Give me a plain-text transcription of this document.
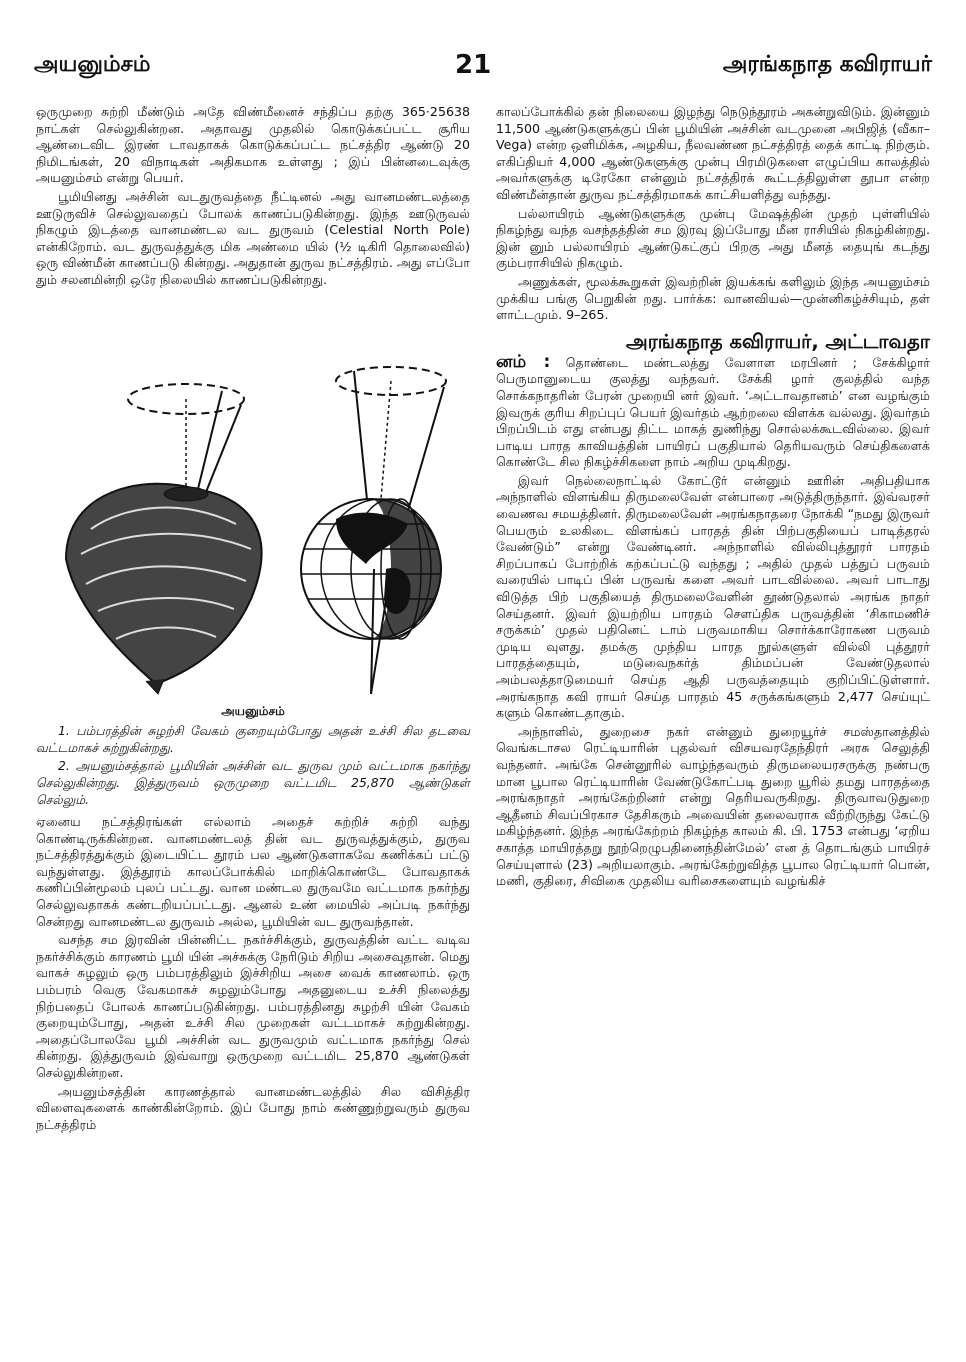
அயனும்சம்	21	அரங்கநாத கவிராயர்

ஒருமுறை சுற்றி மீண்டும் அதே விண்மீனைச் சந்திப்ப தற்கு 365·25638 நாட்கள் செல்லுகின்றன. அதாவது முதலில் கொடுக்கப்பட்ட சூரிய ஆண்டைவிட இரண் டாவதாகக் கொடுக்கப்பட்ட நட்சத்திர ஆண்டு 20 நிமிடங்கள், 20 விநாடிகள் அதிகமாக உள்ளது ; இப் பின்னடைவுக்கு அயனும்சம் என்று பெயர்.

பூமியினது அச்சின் வடதுருவத்தை நீட்டினல் அது வானமண்டலத்தை ஊடுருவிச் செல்லுவதைப் போலக் காணப்படுகின்றது. இந்த ஊடுருவல் நிகழும் இடத்தை வானமண்டல வட துருவம் (Celestial North Pole) என்கிறோம். வட துருவத்துக்கு மிக அண்மை யில் (½ டிகிரி தொலைவில்) ஒரு விண்மீன் காணப்படு கின்றது. அதுதான் துருவ நட்சத்திரம். அது எப்போ தும் சலனமின்றி ஒரே நிலையில் காணப்படுகின்றது.

அயனும்சம்

1. பம்பரத்தின் சுழற்சி வேகம் குறையும்போது அதன் உச்சி சில தடவை வட்டமாகச் சுற்றுகின்றது.

2. அயனும்சத்தால் பூமியின் அச்சின் வட துருவ மும் வட்டமாக நகர்ந்து செல்லுகின்றது. இத்துருவம் ஒருமுறை வட்டமிட 25,870 ஆண்டுகள் செல்லும்.

ஏனைய நட்சத்திரங்கள் எல்லாம் அதைச் சுற்றிச் சுற்றி வந்து கொண்டிருக்கின்றன. வானமண்டலத் தின் வட துருவத்துக்கும், துருவ நட்சத்திரத்துக்கும் இடையிட்ட தூரம் பல ஆண்டுகளாகவே கணிக்கப் பட்டு வந்துள்ளது. இத்தூரம் காலப்போக்கில் மாறிக்கொண்டே போவதாகக் கணிப்பின்மூலம் புலப் பட்டது. வான மண்டல துருவமே வட்டமாக நகர்ந்து செல்லுவதாகக் கண்டறியப்பட்டது. ஆனல் உண் மையில் அப்படி நகர்ந்து சென்றது வானமண்டல துருவம் அல்ல, பூமியின் வட துருவந்தான்.

வசந்த சம இரவின் பின்னிட்ட நகர்ச்சிக்கும், துருவத்தின் வட்ட வடிவ நகர்ச்சிக்கும் காரணம் பூமி யின் அச்சுக்கு நேரிடும் சிறிய அசைவுதான். மெது வாகச் சுழலும் ஒரு பம்பரத்திலும் இச்சிறிய அசை வைக் காணலாம். ஒரு பம்பரம் வெகு வேகமாகச் சுழலும்போது அதனுடைய உச்சி நிலைத்து நிற்பதைப் போலக் காணப்படுகின்றது. பம்பரத்தினது சுழற்சி யின் வேகம் குறையும்போது, அதன் உச்சி சில முறைகள் வட்டமாகச் சுற்றுகின்றது. அதைப்போலவே பூமி அச்சின் வட துருவமும் வட்டமாக நகர்ந்து செல் கின்றது. இத்துருவம் இவ்வாறு ஒருமுறை வட்டமிட 25,870 ஆண்டுகள் செல்லுகின்றன.

அயனும்சத்தின் காரணத்தால் வானமண்டலத்தில் சில விசித்திர விளைவுகளைக் காண்கின்றோம். இப் போது நாம் கண்ணுற்றுவரும் துருவ நட்சத்திரம்

காலப்போக்கில் தன் நிலையை இழந்து நெடுந்தூரம் அகன்றுவிடும். இன்னும் 11,500 ஆண்டுகளுக்குப் பின் பூமியின் அச்சின் வடமுனை அபிஜித் (வீகா–Vega) என்ற ஒளிமிக்க, அழகிய, நீலவண்ண நட்சத்திரத் தைக் காட்டி நிற்கும். எகிப்தியர் 4,000 ஆண்டுகளுக்கு முன்பு பிரமிடுகளை எழுப்பிய காலத்தில் அவர்களுக்கு டிரேகோ என்னும் நட்சத்திரக் கூட்டத்திலுள்ள தூபா என்ற விண்மீன்தான் துருவ நட்சத்திரமாகக் காட்சியளித்து வந்தது.

பல்லாயிரம் ஆண்டுகளுக்கு முன்பு மேஷத்தின் முதற் புள்ளியில் நிகழ்ந்து வந்த வசந்தத்தின் சம இரவு இப்போது மீன ராசியில் நிகழ்கின்றது. இன் னும் பல்லாயிரம் ஆண்டுகட்குப் பிறகு அது மீனத் தையுங் கடந்து கும்பராசியில் நிகழும்.

அணுக்கள், மூலக்கூறுகள் இவற்றின் இயக்கங் களிலும் இந்த அயனும்சம் முக்கிய பங்கு பெறுகின் றது. பார்க்க: வானவியல்—முன்னிகழ்ச்சியும், தள் ளாட்டமும். 9–265.

அரங்கநாத கவிராயர், அட்டாவதா

னம் : தொண்டை மண்டலத்து வேளாள மரபினர் ; சேக்கிழார் பெருமானுடைய குலத்து வந்தவர். சேக்கி ழார் குலத்தில் வந்த சொக்கநாதரின் பேரன் முறையி னர் இவர். ‘அட்டாவதானம்’ என வழங்கும் இவருக் குரிய சிறப்புப் பெயர் இவர்தம் ஆற்றலை விளக்க வல்லது. இவர்தம் பிறப்பிடம் எது என்பது திட்ட மாகத் துணிந்து சொல்லக்கூடவில்லை. இவர் பாடிய பாரத காவியத்தின் பாயிரப் பகுதியால் தெரியவரும் செய்திகளைக் கொண்டே சில நிகழ்ச்சிகளை நாம் அறிய முடிகிறது.

இவர் நெல்லைநாட்டில் கோட்டூர் என்னும் ஊரின் அதிபதியாக அந்நாளில் விளங்கிய திருமலைவேள் என்பாரை அடுத்திருந்தார். இவ்வரசர் வைணவ சமயத்தினர். திருமலைவேள் அரங்கநாதரை நோக்கி “நமது இருவர் பெயரும் உலகிடை விளங்கப் பாரதத் தின் பிற்பகுதியைப் பாடித்தரல் வேண்டும்” என்று வேண்டினர். அந்நாளில் வில்லிபுத்தூரர் பாரதம் சிறப்பாகப் போற்றிக் கற்கப்பட்டு வந்தது ; அதில் முதல் பத்துப் பருவம் வரையில் பாடிப் பின் பருவங் களை அவர் பாடவில்லை. அவர் பாடாது விடுத்த பிற் பகுதியைத் திருமலைவேளின் தூண்டுதலால் அரங்க நாதர் செய்தனர். இவர் இயற்றிய பாரதம் சௌப்திக பருவத்தின் ‘சிகாமணிச் சருக்கம்’ முதல் பதினெட் டாம் பருவமாகிய சொர்க்காரோகண பருவம் முடிய வுளது. தமக்கு முந்திய பாரத நூல்களுள் வில்லி புத்தூரர் பாரதத்தையும், மடுவைநகர்த் திம்மப்பன் வேண்டுதலால் அம்பலத்தாடுமையர் செய்த ஆதி பருவத்தையும் குறிப்பிட்டுள்ளார். அரங்கநாத கவி ராயர் செய்த பாரதம் 45 சருக்கங்களும் 2,477 செய்யுட் களும் கொண்டதாகும்.

அந்நாளில், துறைசை நகர் என்னும் துறையூர்ச் சமஸ்தானத்தில் வெங்கடாசல ரெட்டியாரின் புதல்வர் விசயவரதேந்திரர் அரசு செலுத்தி வந்தனர். அங்கே சென்னூரில் வாழ்ந்தவரும் திருமலையரசருக்கு நண்பரு மான பூபால ரெட்டியாரின் வேண்டுகோட்படி துறை யூரில் தமது பாரதத்தை அரங்கநாதர் அரங்கேற்றினர் என்று தெரியவருகிறது. திருவாவடுதுறை ஆதீனம் சிவப்பிரகாச தேசிகரும் அவையின் தலைவராக வீற்றிருந்து கேட்டு மகிழ்ந்தனர். இந்த அரங்கேற்றம் நிகழ்ந்த காலம் கி. பி. 1753 என்பது ‘ஏறிய சகாத்த மாயிரத்தறு நூற்றெழுபதினைந்தின்மேல்’ என த் தொடங்கும் பாயிரச் செய்யுளால் (23) அறியலாகும். அரங்கேற்றுவித்த பூபால ரெட்டியார் பொன், மணி, குதிரை, சிவிகை முதலிய வரிசைகளையும் வழங்கிச்
